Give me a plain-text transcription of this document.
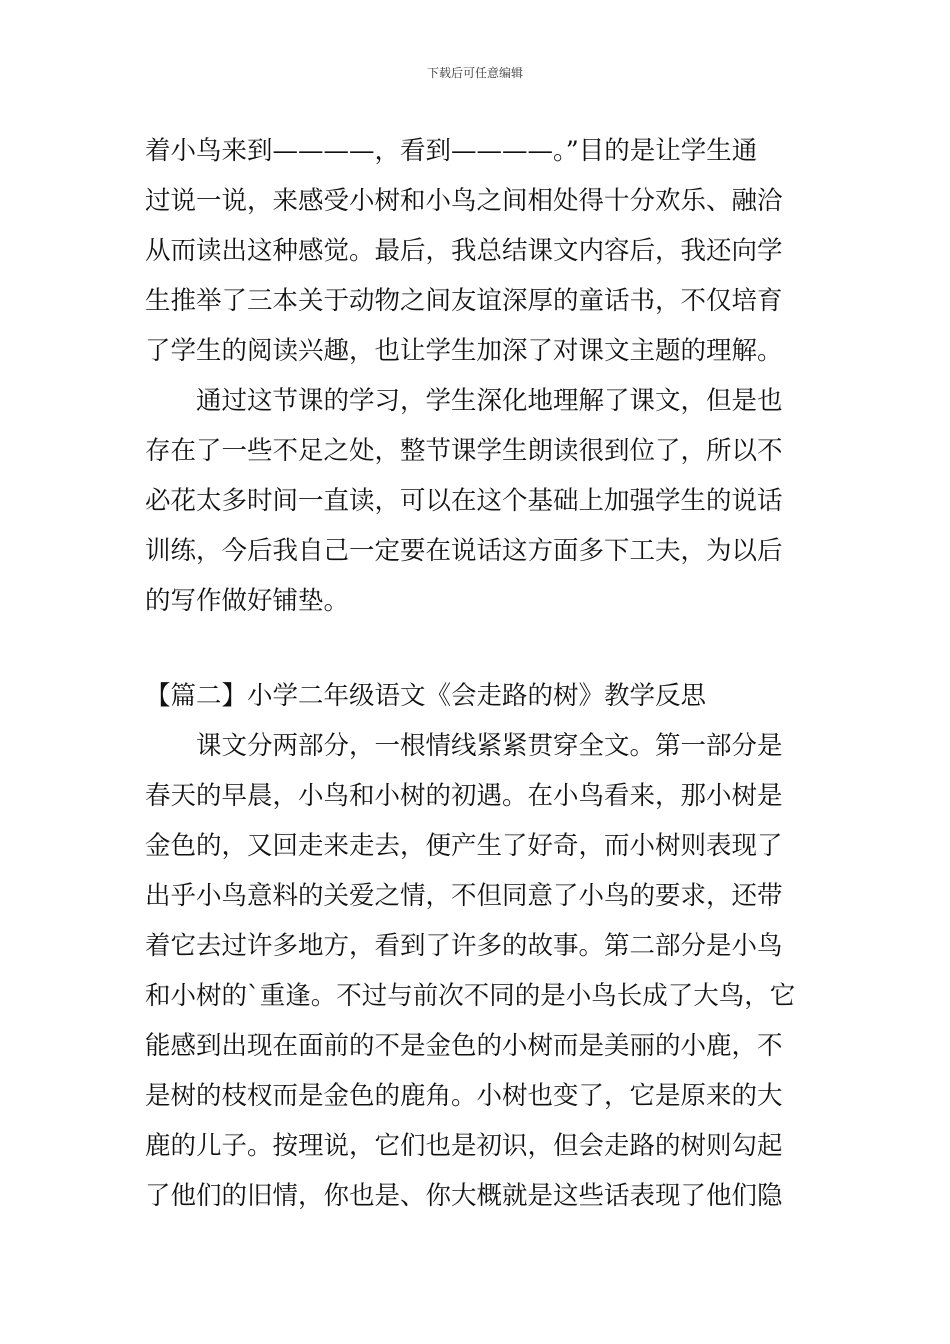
下载后可任意编辑
着小鸟来到————，看到————。”目的是让学生通
过说一说，来感受小树和小鸟之间相处得十分欢乐、融洽
从而读出这种感觉。最后，我总结课文内容后，我还向学
生推举了三本关于动物之间友谊深厚的童话书，不仅培育
了学生的阅读兴趣，也让学生加深了对课文主题的理解。
　　通过这节课的学习，学生深化地理解了课文，但是也
存在了一些不足之处，整节课学生朗读很到位了，所以不
必花太多时间一直读，可以在这个基础上加强学生的说话
训练，今后我自己一定要在说话这方面多下工夫，为以后
的写作做好铺垫。
【篇二】小学二年级语文《会走路的树》教学反思
　　课文分两部分，一根情线紧紧贯穿全文。第一部分是
春天的早晨，小鸟和小树的初遇。在小鸟看来，那小树是
金色的，又回走来走去，便产生了好奇，而小树则表现了
出乎小鸟意料的关爱之情，不但同意了小鸟的要求，还带
着它去过许多地方，看到了许多的故事。第二部分是小鸟
和小树的`重逢。不过与前次不同的是小鸟长成了大鸟，它
能感到出现在面前的不是金色的小树而是美丽的小鹿，不
是树的枝杈而是金色的鹿角。小树也变了，它是原来的大
鹿的儿子。按理说，它们也是初识，但会走路的树则勾起
了他们的旧情，你也是、你大概就是这些话表现了他们隐
